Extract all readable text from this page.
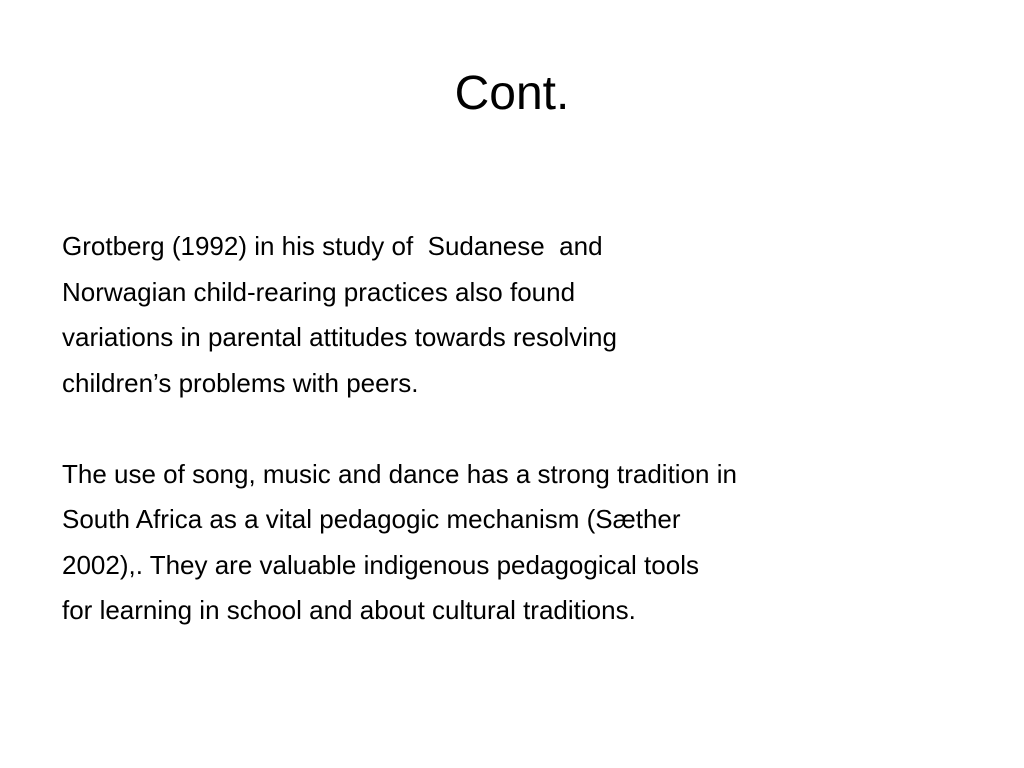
Cont.
Grotberg (1992) in his study of  Sudanese  and
Norwagian child-rearing practices also found
variations in parental attitudes towards resolving
children’s problems with peers.
The use of song, music and dance has a strong tradition in
South Africa as a vital pedagogic mechanism (Sæther
2002),. They are valuable indigenous pedagogical tools
for learning in school and about cultural traditions.
